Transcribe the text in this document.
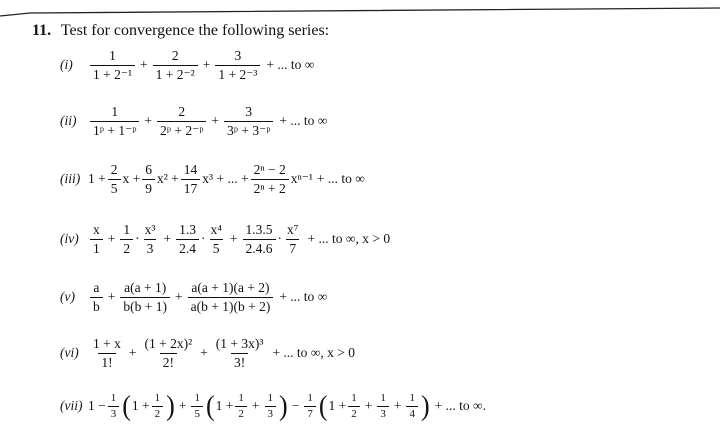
11. Test for convergence the following series:
(i)	$\frac{1}{\text{1 + 2⁻¹}} + \frac{2}{\text{1 + 2⁻²}} + \frac{3}{\text{1 + 2⁻³}}$ + ... to ∞
(ii)	$\frac{1}{\text{1ᵖ + 1⁻ᵖ}} + \frac{2}{\text{2ᵖ + 2⁻ᵖ}} + \frac{3}{\text{3ᵖ + 3⁻ᵖ}}$ + ... to ∞
(iii) $1 + \frac{2}{5}$ $x + \frac{6}{9} x^2 + \frac{14}{17} x^3$ + ... + $\frac{\text{2ⁿ − 2}}{\text{2ⁿ + 2}} x^{n-1}$ + ... to ∞
$(iv) \frac{x}{1} + \frac{1}{2} \cdot \frac{\text{x³}}{3} + \frac{1.3}{2.4} \cdot \frac{\text{x⁴}}{5} + \frac{1.3.5}{2.4.6} \cdot \frac{\text{x⁷}}{7}$ + ... to ∞, x > 0
(v)	$\frac{a}{b} + \frac{a(a + 1)}{b(b + 1)} + \frac{a(a + 1)(a + 2)}{a(b + 1)(b + 2)}$ + ... to ∞
$(vi) \frac{1 + x}{1!} + \frac{\text{(1 + 2x)²}}{2!} + \frac{\text{(1 + 3x)³}}{3!}$ + ... to ∞, x > 0
(vii) $1 - \frac{1}{3}$ ( $1 + \frac{1}{2}$ ) + $\frac{1}{5}$ ( $1 + \frac{1}{2} + \frac{1}{3}$ ) − $\frac{1}{7}$ ( $1 + \frac{1}{2} + \frac{1}{3} + \frac{1}{4}$ ) + ... to ∞.
